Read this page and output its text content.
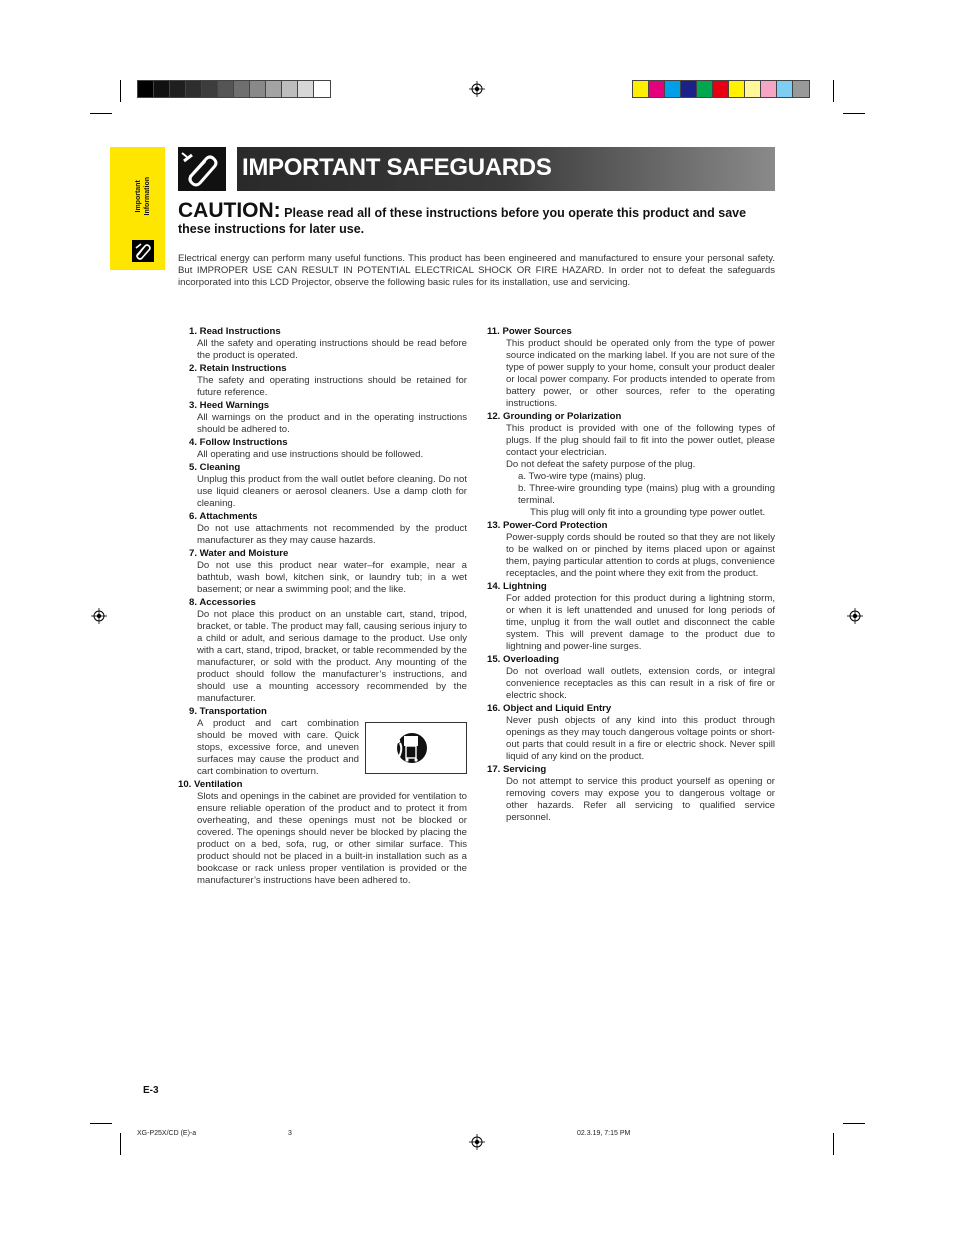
Important Information
IMPORTANT SAFEGUARDS
CAUTION: Please read all of these instructions before you operate this product and save these instructions for later use.
Electrical energy can perform many useful functions. This product has been engineered and manufactured to ensure your personal safety. But IMPROPER USE CAN RESULT IN POTENTIAL ELECTRICAL SHOCK OR FIRE HAZARD. In order not to defeat the safeguards incorporated into this LCD Projector, observe the following basic rules for its installation, use and servicing.
1. Read Instructions
All the safety and operating instructions should be read before the product is operated.
2. Retain Instructions
The safety and operating instructions should be retained for future reference.
3. Heed Warnings
All warnings on the product and in the operating instructions should be adhered to.
4. Follow Instructions
All operating and use instructions should be followed.
5. Cleaning
Unplug this product from the wall outlet before cleaning. Do not use liquid cleaners or aerosol cleaners. Use a damp cloth for cleaning.
6. Attachments
Do not use attachments not recommended by the product manufacturer as they may cause hazards.
7. Water and Moisture
Do not use this product near water–for example, near a bathtub, wash bowl, kitchen sink, or laundry tub; in a wet basement; or near a swimming pool; and the like.
8. Accessories
Do not place this product on an unstable cart, stand, tripod, bracket, or table. The product may fall, causing serious injury to a child or adult, and serious damage to the product. Use only with a cart, stand, tripod, bracket, or table recommended by the manufacturer, or sold with the product. Any mounting of the product should follow the manufacturer’s instructions, and should use a mounting accessory recommended by the manufacturer.
9. Transportation
A product and cart combination should be moved with care. Quick stops, excessive force, and uneven surfaces may cause the product and cart combination to overturn.
10. Ventilation
Slots and openings in the cabinet are provided for ventilation to ensure reliable operation of the product and to protect it from overheating, and these openings must not be blocked or covered. The openings should never be blocked by placing the product on a bed, sofa, rug, or other similar surface. This product should not be placed in a built-in installation such as a bookcase or rack unless proper ventilation is provided or the manufacturer’s instructions have been adhered to.
11. Power Sources
This product should be operated only from the type of power source indicated on the marking label. If you are not sure of the type of power supply to your home, consult your product dealer or local power company. For products intended to operate from battery power, or other sources, refer to the operating instructions.
12. Grounding or Polarization
This product is provided with one of the following types of plugs. If the plug should fail to fit into the power outlet, please contact your electrician.
Do not defeat the safety purpose of the plug.
a. Two-wire type (mains) plug.
b. Three-wire grounding type (mains) plug with a grounding terminal.
This plug will only fit into a grounding type power outlet.
13. Power-Cord Protection
Power-supply cords should be routed so that they are not likely to be walked on or pinched by items placed upon or against them, paying particular attention to cords at plugs, convenience receptacles, and the point where they exit from the product.
14. Lightning
For added protection for this product during a lightning storm, or when it is left unattended and unused for long periods of time, unplug it from the wall outlet and disconnect the cable system. This will prevent damage to the product due to lightning and power-line surges.
15. Overloading
Do not overload wall outlets, extension cords, or integral convenience receptacles as this can result in a risk of fire or electric shock.
16. Object and Liquid Entry
Never push objects of any kind into this product through openings as they may touch dangerous voltage points or short-out parts that could result in a fire or electric shock. Never spill liquid of any kind on the product.
17. Servicing
Do not attempt to service this product yourself as opening or removing covers may expose you to dangerous voltage or other hazards. Refer all servicing to qualified service personnel.
E-3
XG-P25X/CD (E)-a	3	02.3.19, 7:15 PM
